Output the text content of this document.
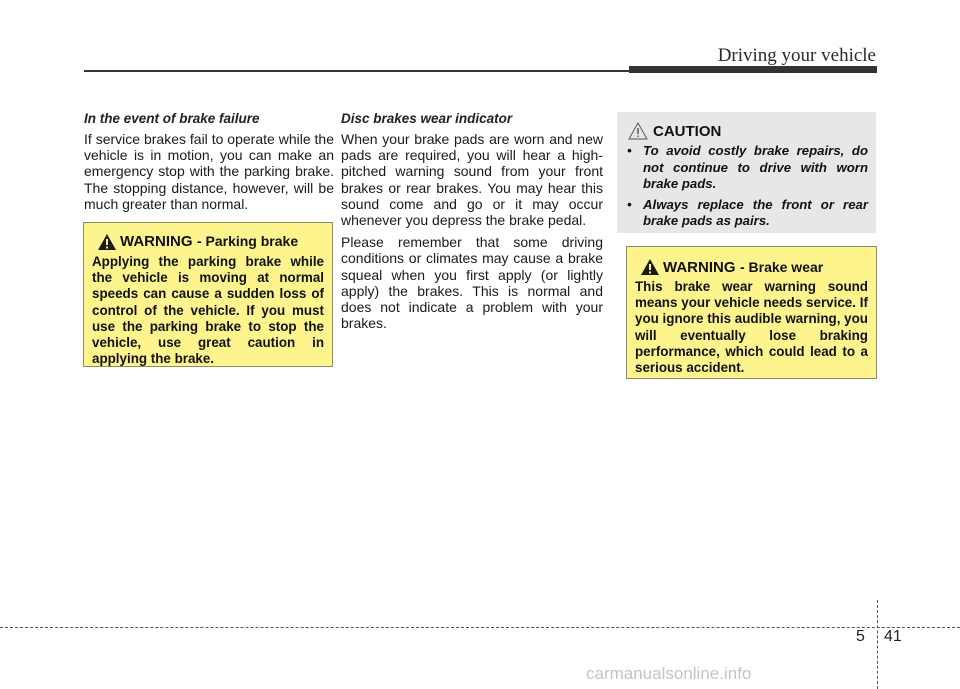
Driving your vehicle
In the event of brake failure
If service brakes fail to operate while the vehicle is in motion, you can make an emergency stop with the parking brake. The stopping distance, however, will be much greater than normal.
WARNING - Parking brake
Applying the parking brake while the vehicle is moving at normal speeds can cause a sudden loss of control of the vehicle. If you must use the parking brake to stop the vehicle, use great caution in applying the brake.
Disc brakes wear indicator

When your brake pads are worn and new pads are required, you will hear a high-pitched warning sound from your front brakes or rear brakes. You may hear this sound come and go or it may occur whenever you depress the brake pedal.

Please remember that some driving conditions or climates may cause a brake squeal when you first apply (or lightly apply) the brakes. This is normal and does not indicate a problem with your brakes.

CAUTION
• To avoid costly brake repairs, do not continue to drive with worn brake pads.
• Always replace the front or rear brake pads as pairs.
WARNING - Brake wear
This brake wear warning sound means your vehicle needs service. If you ignore this audible warning, you will eventually lose braking performance, which could lead to a serious accident.
5 41
carmanualsonline.info
